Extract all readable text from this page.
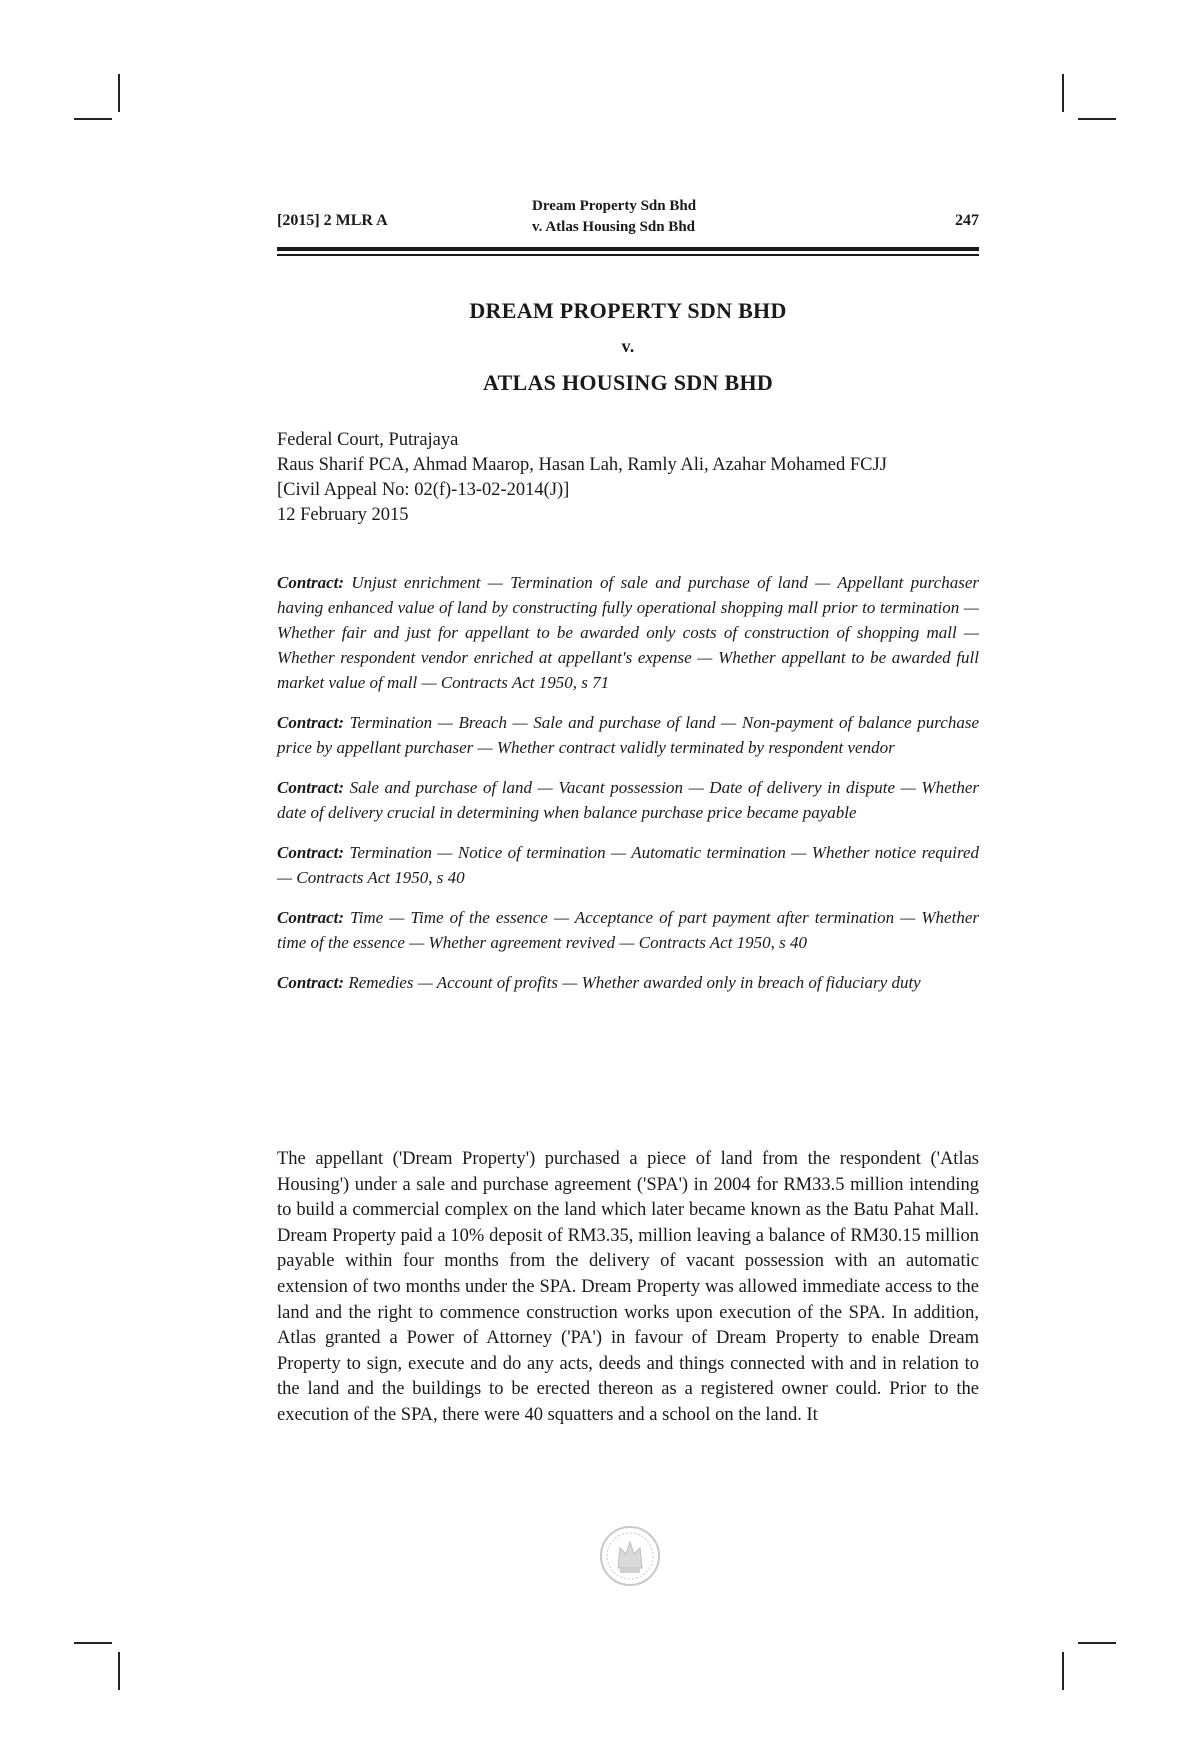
[2015] 2 MLR A
Dream Property Sdn Bhd
v. Atlas Housing Sdn Bhd	247
DREAM PROPERTY SDN BHD
v.
ATLAS HOUSING SDN BHD
Federal Court, Putrajaya
Raus Sharif PCA, Ahmad Maarop, Hasan Lah, Ramly Ali, Azahar Mohamed FCJJ
[Civil Appeal No: 02(f)-13-02-2014(J)]
12 February 2015

Contract: Unjust enrichment — Termination of sale and purchase of land — Appellant purchaser having enhanced value of land by constructing fully operational shopping mall prior to termination — Whether fair and just for appellant to be awarded only costs of construction of shopping mall — Whether respondent vendor enriched at appellant's expense — Whether appellant to be awarded full market value of mall — Contracts Act 1950, s 71

Contract: Termination — Breach — Sale and purchase of land — Non-payment of balance purchase price by appellant purchaser — Whether contract validly terminated by respondent vendor

Contract: Sale and purchase of land — Vacant possession — Date of delivery in dispute — Whether date of delivery crucial in determining when balance purchase price became payable

Contract: Termination — Notice of termination — Automatic termination — Whether notice required — Contracts Act 1950, s 40

Contract: Time — Time of the essence — Acceptance of part payment after termination — Whether time of the essence — Whether agreement revived — Contracts Act 1950, s 40

Contract: Remedies — Account of profits — Whether awarded only in breach of fiduciary duty

The appellant ('Dream Property') purchased a piece of land from the respondent ('Atlas Housing') under a sale and purchase agreement ('SPA') in 2004 for RM33.5 million intending to build a commercial complex on the land which later became known as the Batu Pahat Mall. Dream Property paid a 10% deposit of RM3.35, million leaving a balance of RM30.15 million payable within four months from the delivery of vacant possession with an automatic extension of two months under the SPA. Dream Property was allowed immediate access to the land and the right to commence construction works upon execution of the SPA. In addition, Atlas granted a Power of Attorney ('PA') in favour of Dream Property to enable Dream Property to sign, execute and do any acts, deeds and things connected with and in relation to the land and the buildings to be erected thereon as a registered owner could. Prior to the execution of the SPA, there were 40 squatters and a school on the land. It
